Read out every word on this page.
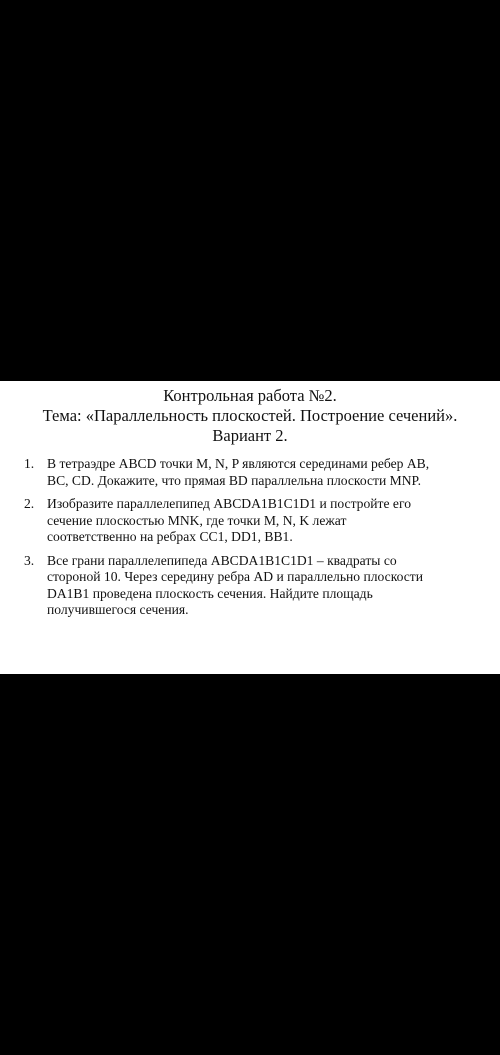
Контрольная работа №2.
Тема: «Параллельность плоскостей. Построение сечений».
Вариант 2.
1. В тетраэдре ABCD точки M, N, P являются серединами ребер AB,
BC, CD. Докажите, что прямая BD параллельна плоскости MNP.
2. Изобразите параллелепипед ABCDA1B1C1D1 и постройте его
сечение плоскостью MNK, где точки M, N, K лежат
соответственно на ребрах CC1, DD1, BB1.
3. Все грани параллелепипеда ABCDA1B1C1D1 – квадраты со
стороной 10. Через середину ребра AD и параллельно плоскости
DA1B1 проведена плоскость сечения. Найдите площадь
получившегося сечения.
